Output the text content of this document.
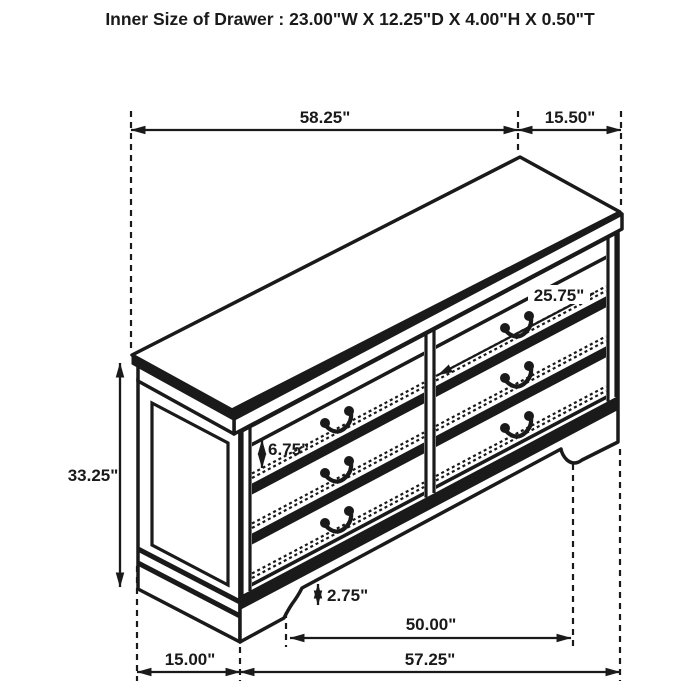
Inner Size of Drawer : 23.00"W X 12.25"D X 4.00"H X 0.50"T
58.25"	15.50"
33.25"
6.75"
25.75"
2.75"
50.00"
15.00"	57.25"
